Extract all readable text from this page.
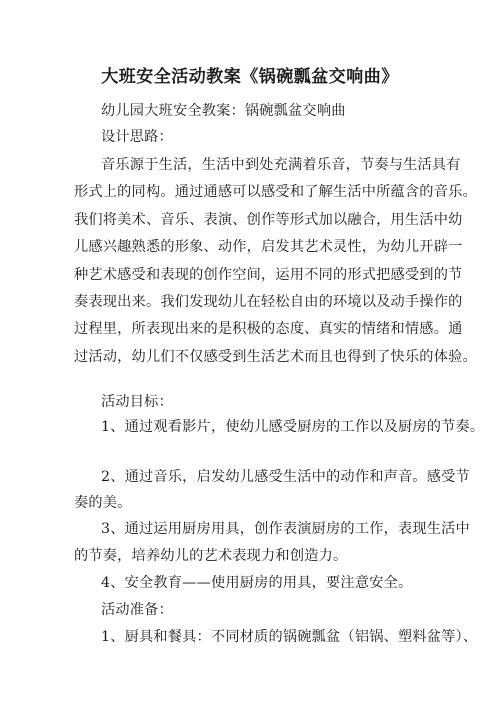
大班安全活动教案《锅碗瓢盆交响曲》
幼儿园大班安全教案：锅碗瓢盆交响曲
设计思路：
音乐源于生活，生活中到处充满着乐音，节奏与生活具有
形式上的同构。通过通感可以感受和了解生活中所蕴含的音乐。
我们将美术、音乐、表演、创作等形式加以融合，用生活中幼
儿感兴趣熟悉的形象、动作，启发其艺术灵性，为幼儿开辟一
种艺术感受和表现的创作空间，运用不同的形式把感受到的节
奏表现出来。我们发现幼儿在轻松自由的环境以及动手操作的
过程里，所表现出来的是积极的态度、真实的情绪和情感。通
过活动，幼儿们不仅感受到生活艺术而且也得到了快乐的体验。
活动目标：
1、通过观看影片，使幼儿感受厨房的工作以及厨房的节奏。
2、通过音乐，启发幼儿感受生活中的动作和声音。感受节
奏的美。
3、通过运用厨房用具，创作表演厨房的工作，表现生活中
的节奏，培养幼儿的艺术表现力和创造力。
4、安全教育——使用厨房的用具，要注意安全。
活动准备：
1、厨具和餐具：不同材质的锅碗瓢盆（铝锅、塑料盆等）、
